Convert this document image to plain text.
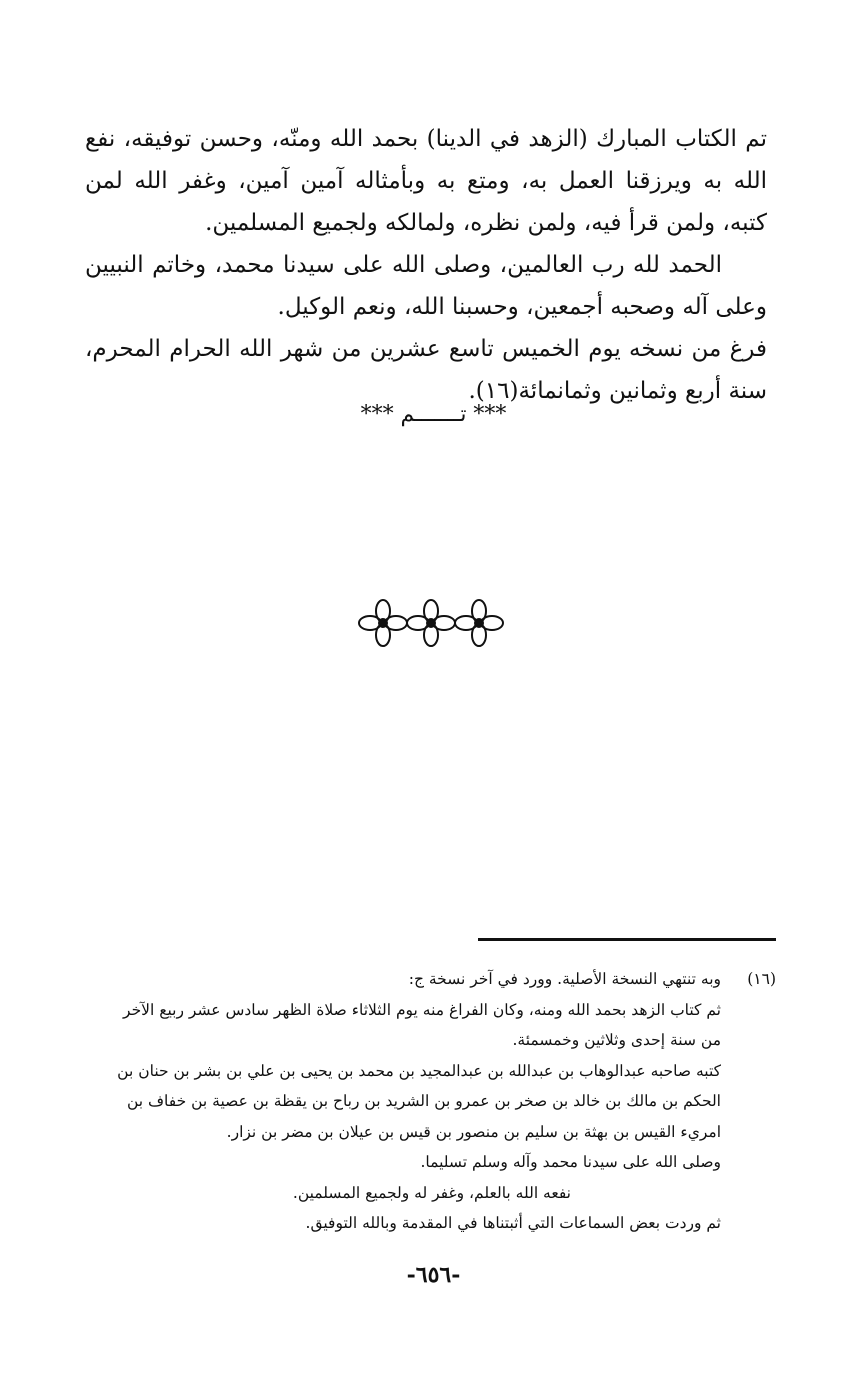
تم الكتاب المبارك (الزهد في الدينا) بحمد الله ومنّه، وحسن توفيقه، نفع الله به ويرزقنا العمل به، ومتع به وبأمثاله آمين آمين، وغفر الله لمن كتبه، ولمن قرأ فيه، ولمن نظره، ولمالكه ولجميع المسلمين.

الحمد لله رب العالمين، وصلى الله على سيدنا محمد، وخاتم النبيين وعلى آله وصحبه أجمعين، وحسبنا الله، ونعم الوكيل.

فرغ من نسخه يوم الخميس تاسع عشرين من شهر الله الحرام المحرم، سنة أربع وثمانين وثمانمائة(١٦).

*** تـــــــم ***
(١٦)
وبه تنتهي النسخة الأصلية. وورد في آخر نسخة ج:
ثم كتاب الزهد بحمد الله ومنه، وكان الفراغ منه يوم الثلاثاء صلاة الظهر سادس عشر ربيع الآخر من سنة إحدى وثلاثين وخمسمئة.
كتبه صاحبه عبدالوهاب بن عبدالله بن عبدالمجيد بن محمد بن يحيى بن علي بن بشر بن حنان بن الحكم بن مالك بن خالد بن صخر بن عمرو بن الشريد بن رباح بن يقظة بن عصية بن خفاف بن امريء القيس بن بهثة بن سليم بن منصور بن قيس بن عيلان بن مضر بن نزار.
وصلى الله على سيدنا محمد وآله وسلم تسليما.
نفعه الله بالعلم، وغفر له ولجميع المسلمين.
ثم وردت بعض السماعات التي أثبتناها في المقدمة وبالله التوفيق.
-٦٥٦-
